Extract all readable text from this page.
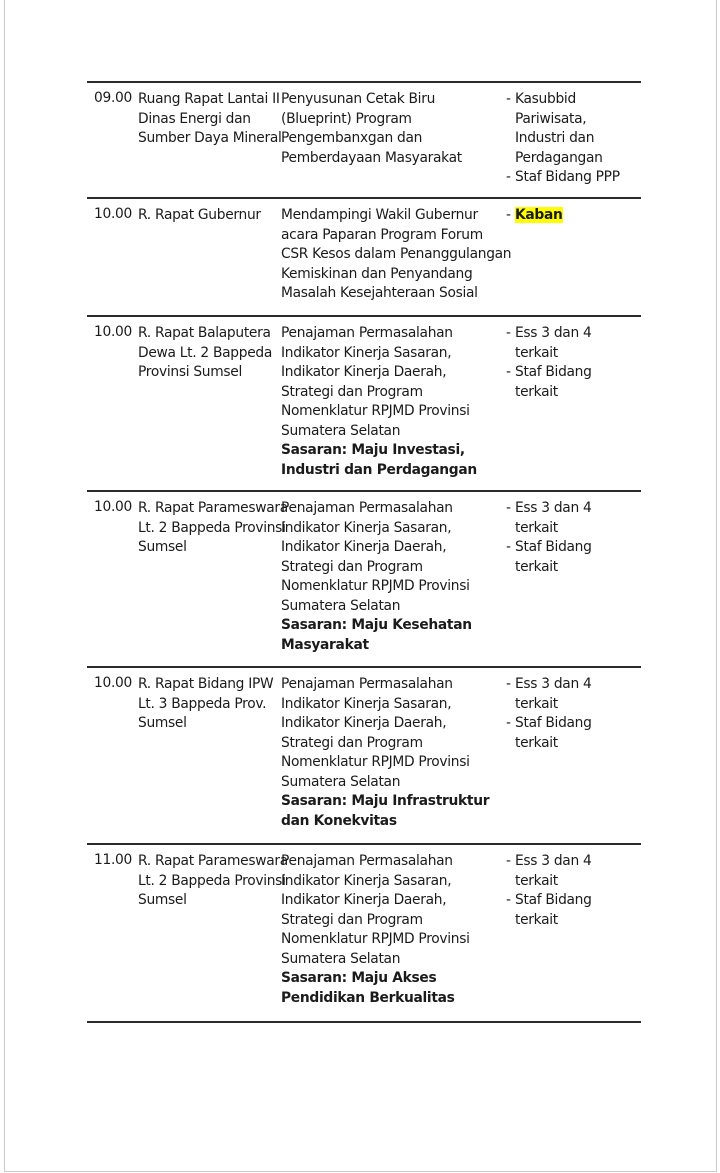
09.00 Ruang Rapat Lantai II
Dinas Energi dan
Sumber Daya Mineral
Penyusunan Cetak Biru
(Blueprint) Program
Pengembanxgan dan
Pemberdayaan Masyarakat
- Kasubbid
Pariwisata,
Industri dan
Perdagangan
- Staf Bidang PPP
10.00 R. Rapat Gubernur	Mendampingi Wakil Gubernur
acara Paparan Program Forum
CSR Kesos dalam Penanggulangan
Kemiskinan dan Penyandang
Masalah Kesejahteraan Sosial
- Kaban
10.00 R. Rapat Balaputera
Dewa Lt. 2 Bappeda
Provinsi Sumsel
Penajaman Permasalahan
Indikator Kinerja Sasaran,
Indikator Kinerja Daerah,
Strategi dan Program
Nomenklatur RPJMD Provinsi
Sumatera Selatan
Sasaran: Maju Investasi,
Industri dan Perdagangan
- Ess 3 dan 4
terkait
- Staf Bidang
terkait
10.00 R. Rapat Parameswara
Lt. 2 Bappeda Provinsi
Sumsel
Penajaman Permasalahan
Indikator Kinerja Sasaran,
Indikator Kinerja Daerah,
Strategi dan Program
Nomenklatur RPJMD Provinsi
Sumatera Selatan
Sasaran: Maju Kesehatan
Masyarakat
- Ess 3 dan 4
terkait
- Staf Bidang
terkait
10.00 R. Rapat Bidang IPW
Lt. 3 Bappeda Prov.
Sumsel
Penajaman Permasalahan
Indikator Kinerja Sasaran,
Indikator Kinerja Daerah,
Strategi dan Program
Nomenklatur RPJMD Provinsi
Sumatera Selatan
Sasaran: Maju Infrastruktur
dan Konekvitas
- Ess 3 dan 4
terkait
- Staf Bidang
terkait
11.00 R. Rapat Parameswara
Lt. 2 Bappeda Provinsi
Sumsel
Penajaman Permasalahan
Indikator Kinerja Sasaran,
Indikator Kinerja Daerah,
Strategi dan Program
Nomenklatur RPJMD Provinsi
Sumatera Selatan
Sasaran: Maju Akses
Pendidikan Berkualitas
- Ess 3 dan 4
terkait
- Staf Bidang
terkait
